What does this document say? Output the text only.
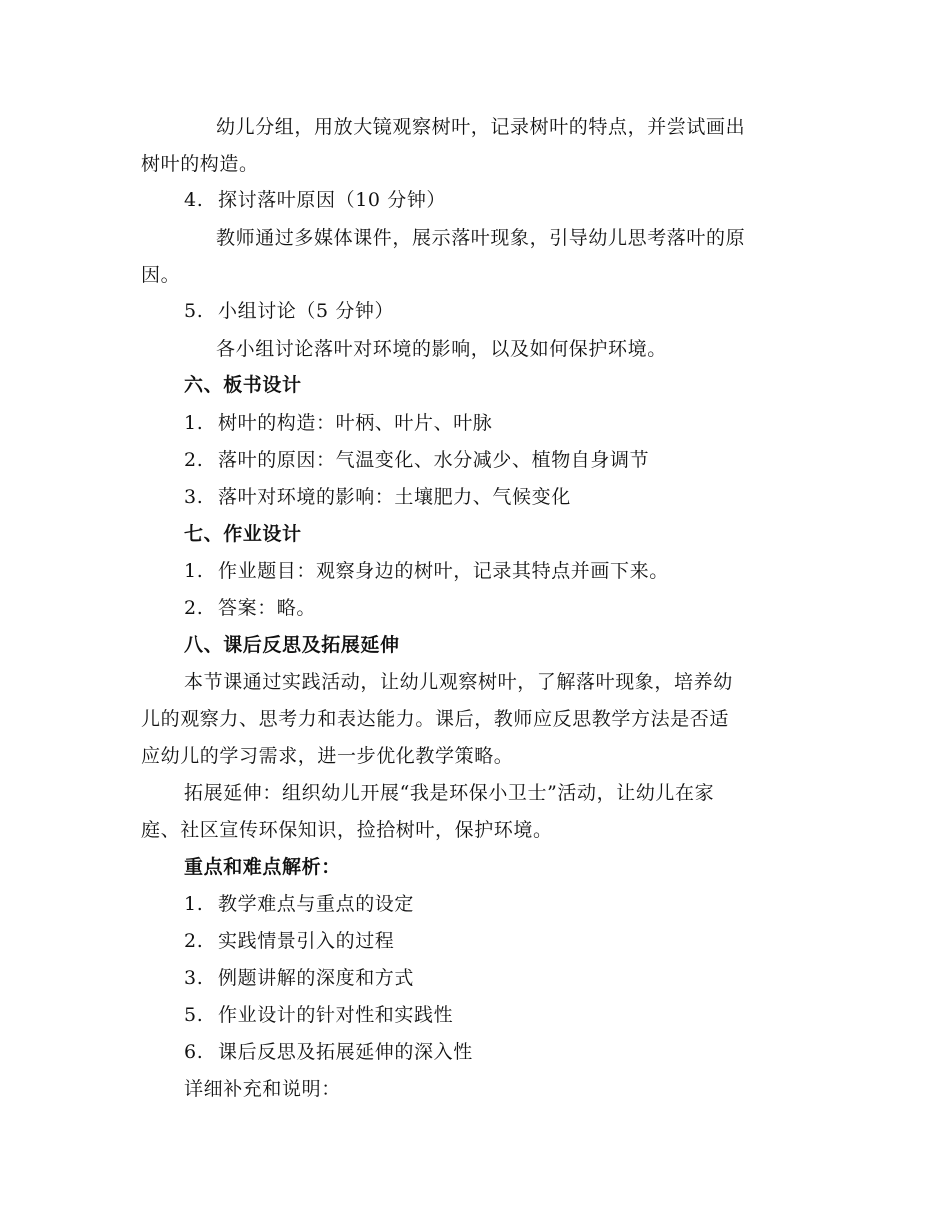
幼儿分组，用放大镜观察树叶，记录树叶的特点，并尝试画出
树叶的构造。
4. 探讨落叶原因（10 分钟）
教师通过多媒体课件，展示落叶现象，引导幼儿思考落叶的原
因。
5. 小组讨论（5 分钟）
各小组讨论落叶对环境的影响，以及如何保护环境。
六、板书设计
1. 树叶的构造：叶柄、叶片、叶脉
2. 落叶的原因：气温变化、水分减少、植物自身调节
3. 落叶对环境的影响：土壤肥力、气候变化
七、作业设计
1. 作业题目：观察身边的树叶，记录其特点并画下来。
2. 答案：略。
八、课后反思及拓展延伸
本节课通过实践活动，让幼儿观察树叶，了解落叶现象，培养幼
儿的观察力、思考力和表达能力。课后，教师应反思教学方法是否适
应幼儿的学习需求，进一步优化教学策略。
拓展延伸：组织幼儿开展“我是环保小卫士”活动，让幼儿在家
庭、社区宣传环保知识，捡拾树叶，保护环境。
重点和难点解析：
1. 教学难点与重点的设定
2. 实践情景引入的过程
3. 例题讲解的深度和方式
5. 作业设计的针对性和实践性
6. 课后反思及拓展延伸的深入性
详细补充和说明：
